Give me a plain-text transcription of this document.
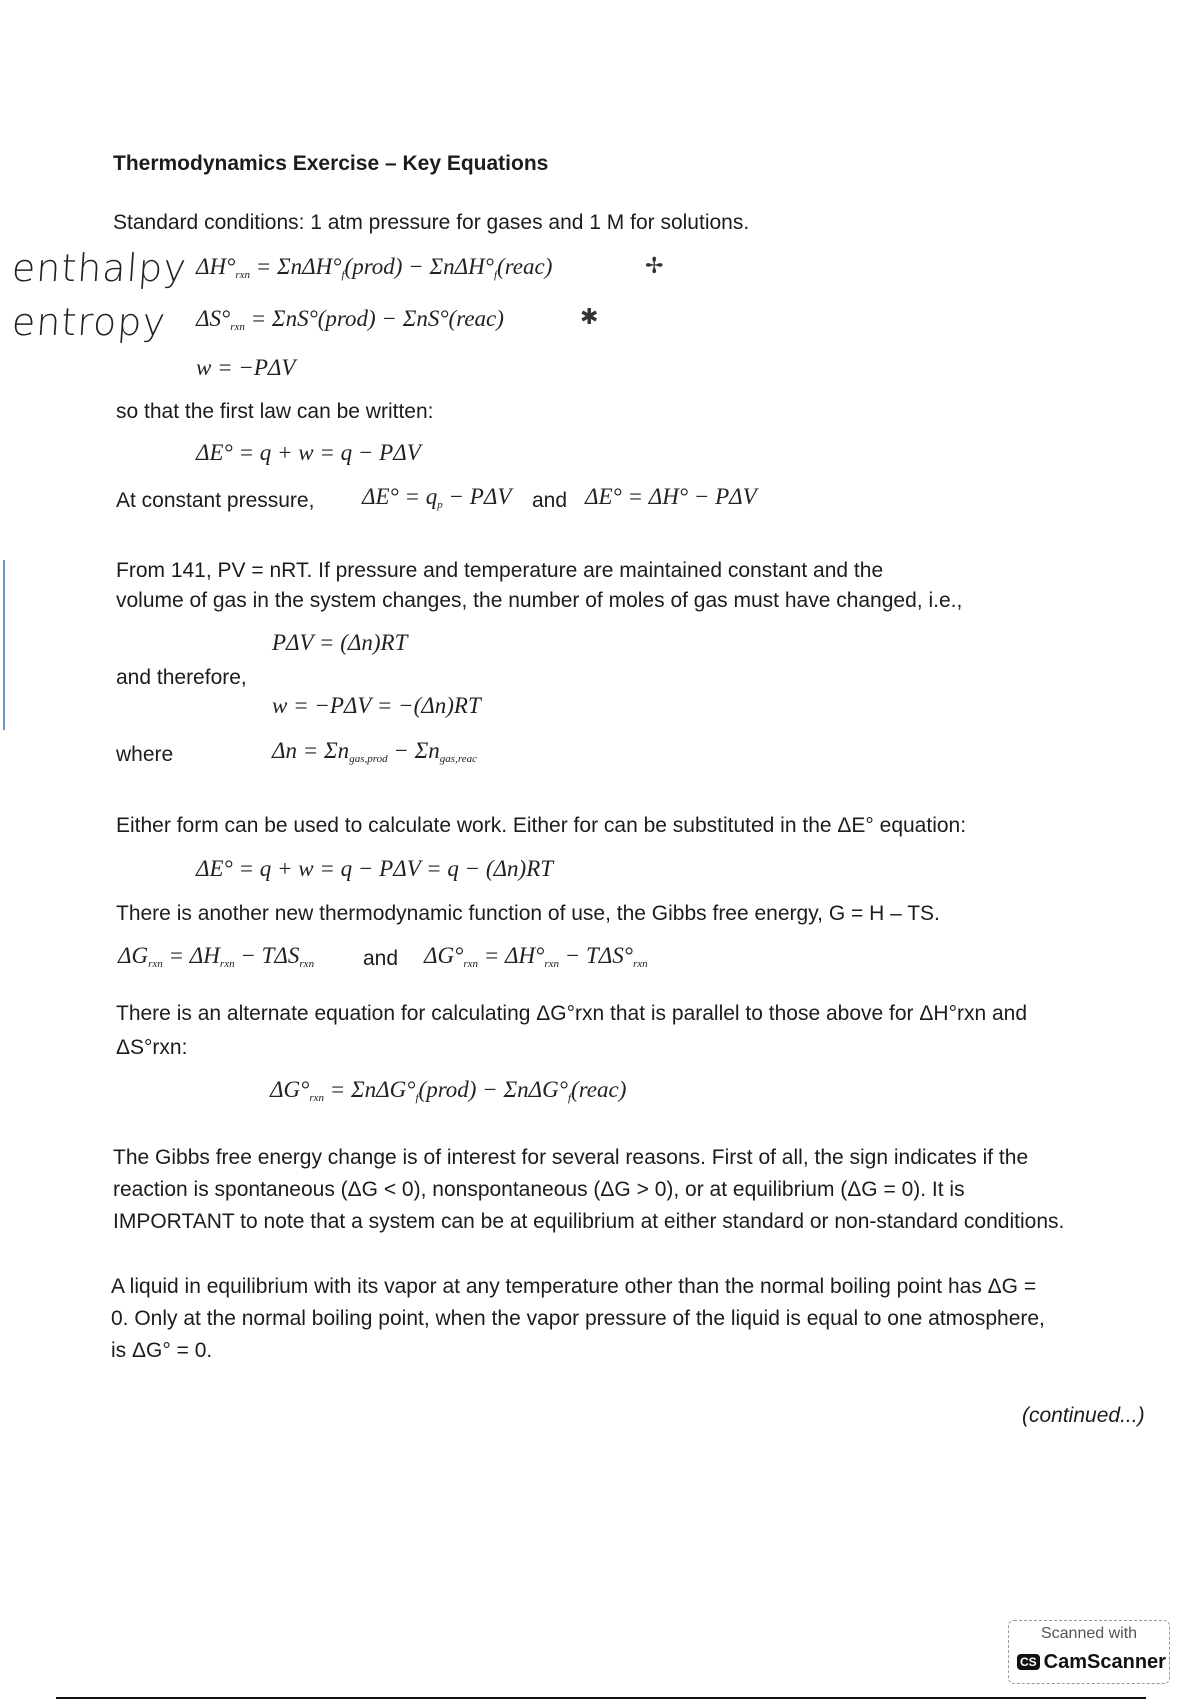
Thermodynamics Exercise – Key Equations
Standard conditions: 1 atm pressure for gases and 1 M for solutions.
enthalpy $\Delta H^\circ_{rxn}$ = $\Sigma n\Delta H^\circ_f(prod)$ − $\Sigma n\Delta H^\circ_f(reac)$	✢
entropy $\Delta S^\circ_{rxn}$ = ΣnS°(prod) − ΣnS°(reac)	✱
w = −PΔV
so that the first law can be written:
ΔE° = q + w = q − PΔV
At constant pressure, $\Delta E^\circ = q_p - P\Delta V$ and ΔE° = ΔH° − PΔV
From 141, PV = nRT. If pressure and temperature are maintained constant and the
volume of gas in the system changes, the number of moles of gas must have changed, i.e.,
PΔV = (Δn)RT
and therefore,
w = −PΔV = −(Δn)RT
where	$\Delta n = \Sigma n_{gas,prod} - \Sigma n_{gas,reac}$
Either form can be used to calculate work. Either for can be substituted in the ΔE° equation:
ΔE° = q + w = q − PΔV = q − (Δn)RT
There is another new thermodynamic function of use, the Gibbs free energy, G = H – TS.
$\Delta G_{rxn} = \Delta H_{rxn} - T\Delta S_{rxn}$ and $\Delta G^\circ_{rxn} = \Delta H^\circ_{rxn} - T\Delta S^\circ_{rxn}$
There is an alternate equation for calculating ΔG°rxn that is parallel to those above for ΔH°rxn and
ΔS°rxn:
$\Delta G^\circ_{rxn}$ = $\Sigma n\Delta G^\circ_f(prod)$ − $\Sigma n\Delta G^\circ_f(reac)$
The Gibbs free energy change is of interest for several reasons. First of all, the sign indicates if the
reaction is spontaneous (ΔG < 0), nonspontaneous (ΔG > 0), or at equilibrium (ΔG = 0). It is
IMPORTANT to note that a system can be at equilibrium at either standard or non-standard conditions.
A liquid in equilibrium with its vapor at any temperature other than the normal boiling point has ΔG =
0. Only at the normal boiling point, when the vapor pressure of the liquid is equal to one atmosphere,
is ΔG° = 0.
(continued...)
Scanned with
CS CamScanner
